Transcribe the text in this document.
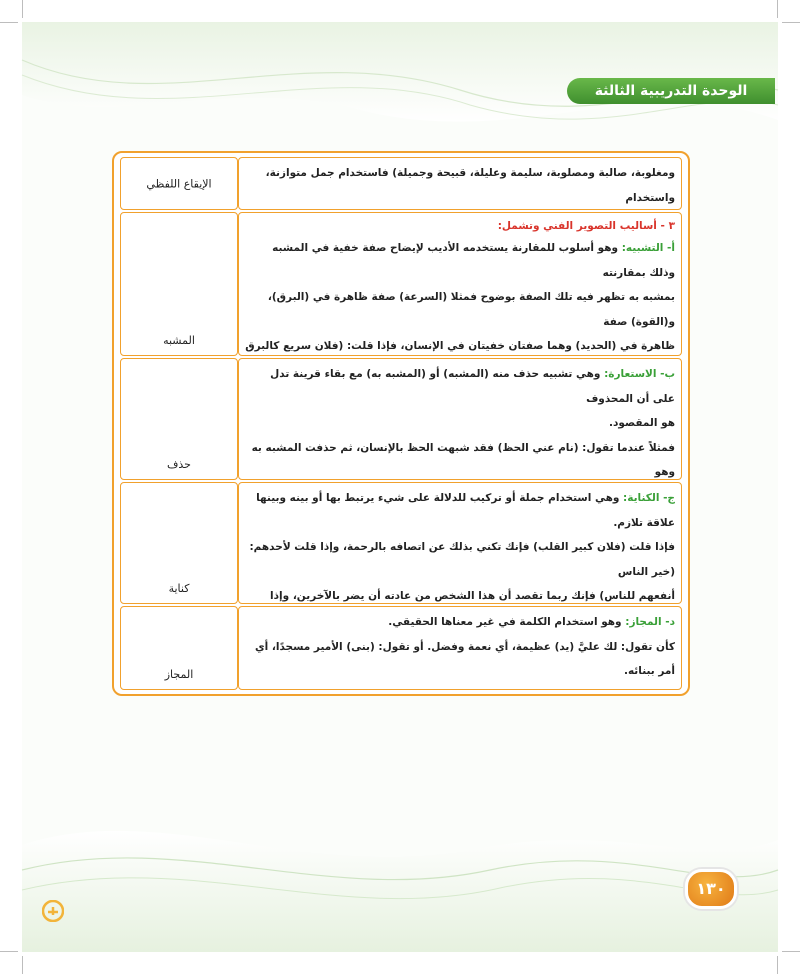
الوحدة التدريبية الثالثة

ومغلوبة، صالبة ومصلوبة، سليمة وعليلة، قبيحة وجميلة) فاستخدام جمل متوازنة، واستخدام

الإيقاع اللفظي

٣ - أساليب التصوير الفني وتشمل:

أ- التشبيه: وهو أسلوب للمقارنة يستخدمه الأديب لإيضاح صفة خفية في المشبه وذلك بمقارنته

بمشبه به تظهر فيه تلك الصفة بوضوح فمثلا (السرعة) صفة ظاهرة في (البرق)، و(القوة) صفة

ظاهرة في (الحديد) وهما صفتان خفيتان في الإنسان، فإذا قلت: (فلان سريع كالبرق

المشبه

ب- الاستعارة: وهي تشبيه حذف منه (المشبه) أو (المشبه به) مع بقاء قرينة تدل على أن المحذوف

هو المقصود.

فمثلاً عندما تقول: (نام عني الحظ) فقد شبهت الحظ بالإنسان، ثم حذفت المشبه به وهو

حذف

ج- الكناية: وهي استخدام جملة أو تركيب للدلالة على شيء يرتبط بها أو بينه وبينها علاقة تلازم.

فإذا قلت (فلان كبير القلب) فإنك تكني بذلك عن اتصافه بالرحمة، وإذا قلت لأحدهم: (خير الناس

أنفعهم للناس) فإنك ربما تقصد أن هذا الشخص من عادته أن يضر بالآخرين، وإذا

كناية

د- المجاز: وهو استخدام الكلمة في غير معناها الحقيقي.

كأن تقول: لك عليَّ (يد) عظيمة، أي نعمة وفضل. أو تقول: (بنى) الأمير مسجدًا، أي أمر ببنائه.

المجاز
١٣٠
